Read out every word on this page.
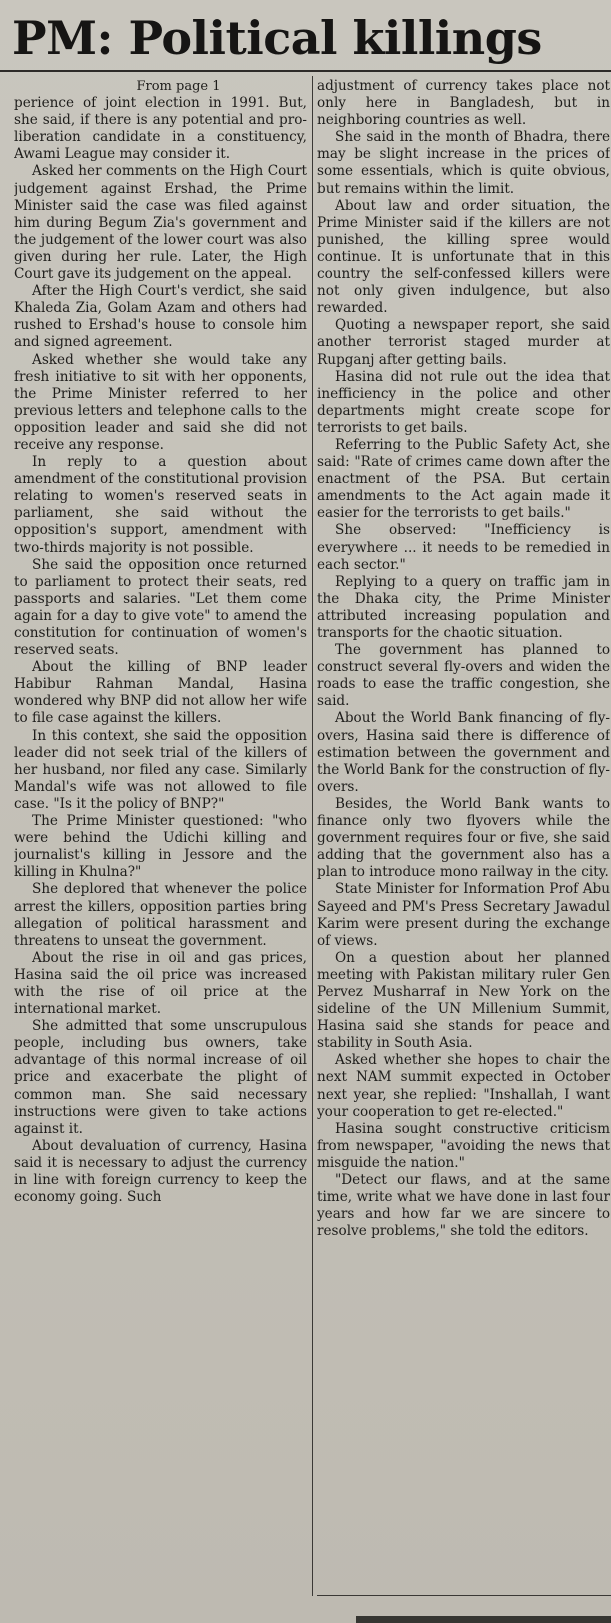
PM: Political killings

From page 1

perience of joint election in 1991. But, she said, if there is any potential and pro-liberation candidate in a constituency, Awami League may consider it.

Asked her comments on the High Court judgement against Ershad, the Prime Minister said the case was filed against him during Begum Zia's government and the judgement of the lower court was also given during her rule. Later, the High Court gave its judgement on the appeal.

After the High Court's verdict, she said Khaleda Zia, Golam Azam and others had rushed to Ershad's house to console him and signed agreement.

Asked whether she would take any fresh initiative to sit with her opponents, the Prime Minister referred to her previous letters and telephone calls to the opposition leader and said she did not receive any response.

In reply to a question about amendment of the constitutional provision relating to women's reserved seats in parliament, she said without the opposition's support, amendment with two-thirds majority is not possible.

She said the opposition once returned to parliament to protect their seats, red passports and salaries. "Let them come again for a day to give vote" to amend the constitution for continuation of women's reserved seats.

About the killing of BNP leader Habibur Rahman Mandal, Hasina wondered why BNP did not allow her wife to file case against the killers.

In this context, she said the opposition leader did not seek trial of the killers of her husband, nor filed any case. Similarly Mandal's wife was not allowed to file case. "Is it the policy of BNP?"

The Prime Minister questioned: "who were behind the Udichi killing and journalist's killing in Jessore and the killing in Khulna?"

She deplored that whenever the police arrest the killers, opposition parties bring allegation of political harassment and threatens to unseat the government.

About the rise in oil and gas prices, Hasina said the oil price was increased with the rise of oil price at the international market.

She admitted that some unscrupulous people, including bus owners, take advantage of this normal increase of oil price and exacerbate the plight of common man. She said necessary instructions were given to take actions against it.

About devaluation of currency, Hasina said it is necessary to adjust the currency in line with foreign currency to keep the economy going. Such

adjustment of currency takes place not only here in Bangladesh, but in neighboring countries as well.

She said in the month of Bhadra, there may be slight increase in the prices of some essentials, which is quite obvious, but remains within the limit.

About law and order situation, the Prime Minister said if the killers are not punished, the killing spree would continue. It is unfortunate that in this country the self-confessed killers were not only given indulgence, but also rewarded.

Quoting a newspaper report, she said another terrorist staged murder at Rupganj after getting bails.

Hasina did not rule out the idea that inefficiency in the police and other departments might create scope for terrorists to get bails.

Referring to the Public Safety Act, she said: "Rate of crimes came down after the enactment of the PSA. But certain amendments to the Act again made it easier for the terrorists to get bails."

She observed: "Inefficiency is everywhere ... it needs to be remedied in each sector."

Replying to a query on traffic jam in the Dhaka city, the Prime Minister attributed increasing population and transports for the chaotic situation.

The government has planned to construct several fly-overs and widen the roads to ease the traffic congestion, she said.

About the World Bank financing of fly-overs, Hasina said there is difference of estimation between the government and the World Bank for the construction of fly-overs.

Besides, the World Bank wants to finance only two flyovers while the government requires four or five, she said adding that the government also has a plan to introduce mono railway in the city.

State Minister for Information Prof Abu Sayeed and PM's Press Secretary Jawadul Karim were present during the exchange of views.

On a question about her planned meeting with Pakistan military ruler Gen Pervez Musharraf in New York on the sideline of the UN Millenium Summit, Hasina said she stands for peace and stability in South Asia.

Asked whether she hopes to chair the next NAM summit expected in October next year, she replied: "Inshallah, I want your cooperation to get re-elected."

Hasina sought constructive criticism from newspaper, "avoiding the news that misguide the nation."

"Detect our flaws, and at the same time, write what we have done in last four years and how far we are sincere to resolve problems," she told the editors.
